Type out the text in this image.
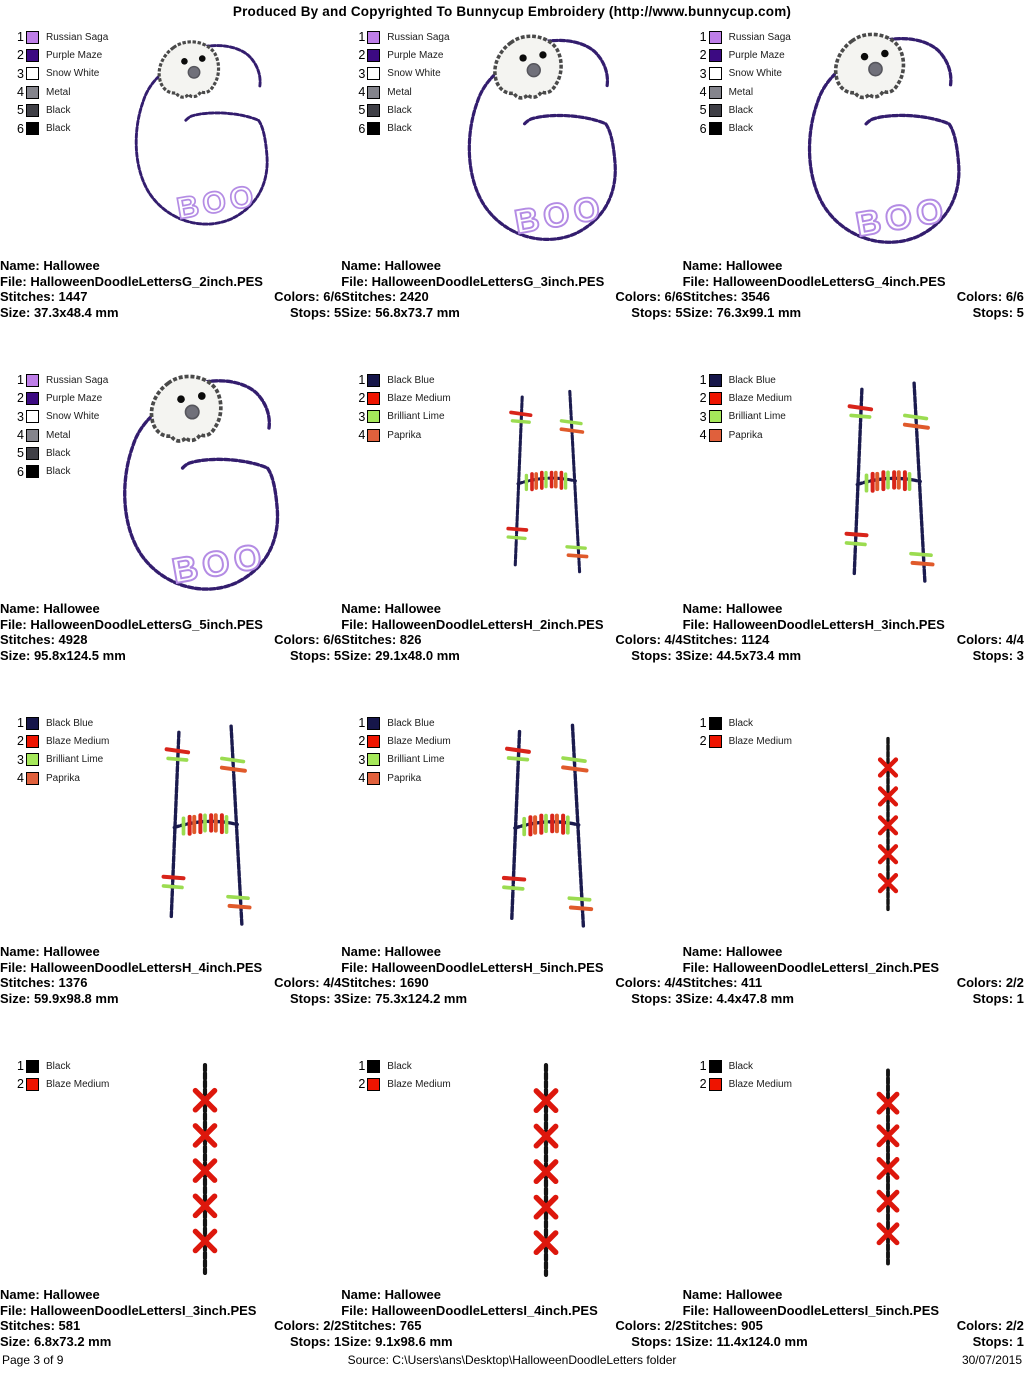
Produced By and Copyrighted To Bunnycup Embroidery (http://www.bunnycup.com)
1 Russian Saga
2 Purple Maze
3 Snow White
4 Metal
5 Black
6 Black
Name: Hallowee
File: HalloweenDoodleLettersG_2inch.PES
Stitches: 1447	Colors: 6/6
Size: 37.3x48.4 mm	Stops: 5
1 Russian Saga
2 Purple Maze
3 Snow White
4 Metal
5 Black
6 Black
Name: Hallowee
File: HalloweenDoodleLettersG_3inch.PES
Stitches: 2420	Colors: 6/6
Size: 56.8x73.7 mm	Stops: 5
1 Russian Saga
2 Purple Maze
3 Snow White
4 Metal
5 Black
6 Black
Name: Hallowee
File: HalloweenDoodleLettersG_4inch.PES
Stitches: 3546	Colors: 6/6
Size: 76.3x99.1 mm	Stops: 5
1 Russian Saga
2 Purple Maze
3 Snow White
4 Metal
5 Black
6 Black
Name: Hallowee
File: HalloweenDoodleLettersG_5inch.PES
Stitches: 4928	Colors: 6/6
Size: 95.8x124.5 mm	Stops: 5
1 Black Blue
2 Blaze Medium
3 Brilliant Lime
4 Paprika
Name: Hallowee
File: HalloweenDoodleLettersH_2inch.PES
Stitches: 826	Colors: 4/4
Size: 29.1x48.0 mm	Stops: 3
1 Black Blue
2 Blaze Medium
3 Brilliant Lime
4 Paprika
Name: Hallowee
File: HalloweenDoodleLettersH_3inch.PES
Stitches: 1124	Colors: 4/4
Size: 44.5x73.4 mm	Stops: 3
1 Black Blue
2 Blaze Medium
3 Brilliant Lime
4 Paprika
Name: Hallowee
File: HalloweenDoodleLettersH_4inch.PES
Stitches: 1376	Colors: 4/4
Size: 59.9x98.8 mm	Stops: 3
1 Black Blue
2 Blaze Medium
3 Brilliant Lime
4 Paprika
Name: Hallowee
File: HalloweenDoodleLettersH_5inch.PES
Stitches: 1690	Colors: 4/4
Size: 75.3x124.2 mm	Stops: 3
1 Black
2 Blaze Medium
Name: Hallowee
File: HalloweenDoodleLettersI_2inch.PES
Stitches: 411	Colors: 2/2
Size: 4.4x47.8 mm	Stops: 1
1 Black
2 Blaze Medium
Name: Hallowee
File: HalloweenDoodleLettersI_3inch.PES
Stitches: 581	Colors: 2/2
Size: 6.8x73.2 mm	Stops: 1
1 Black
2 Blaze Medium
Name: Hallowee
File: HalloweenDoodleLettersI_4inch.PES
Stitches: 765	Colors: 2/2
Size: 9.1x98.6 mm	Stops: 1
1 Black
2 Blaze Medium
Name: Hallowee
File: HalloweenDoodleLettersI_5inch.PES
Stitches: 905	Colors: 2/2
Size: 11.4x124.0 mm	Stops: 1
Page 3 of 9	Source: C:\Users\ans\Desktop\HalloweenDoodleLetters folder	30/07/2015
